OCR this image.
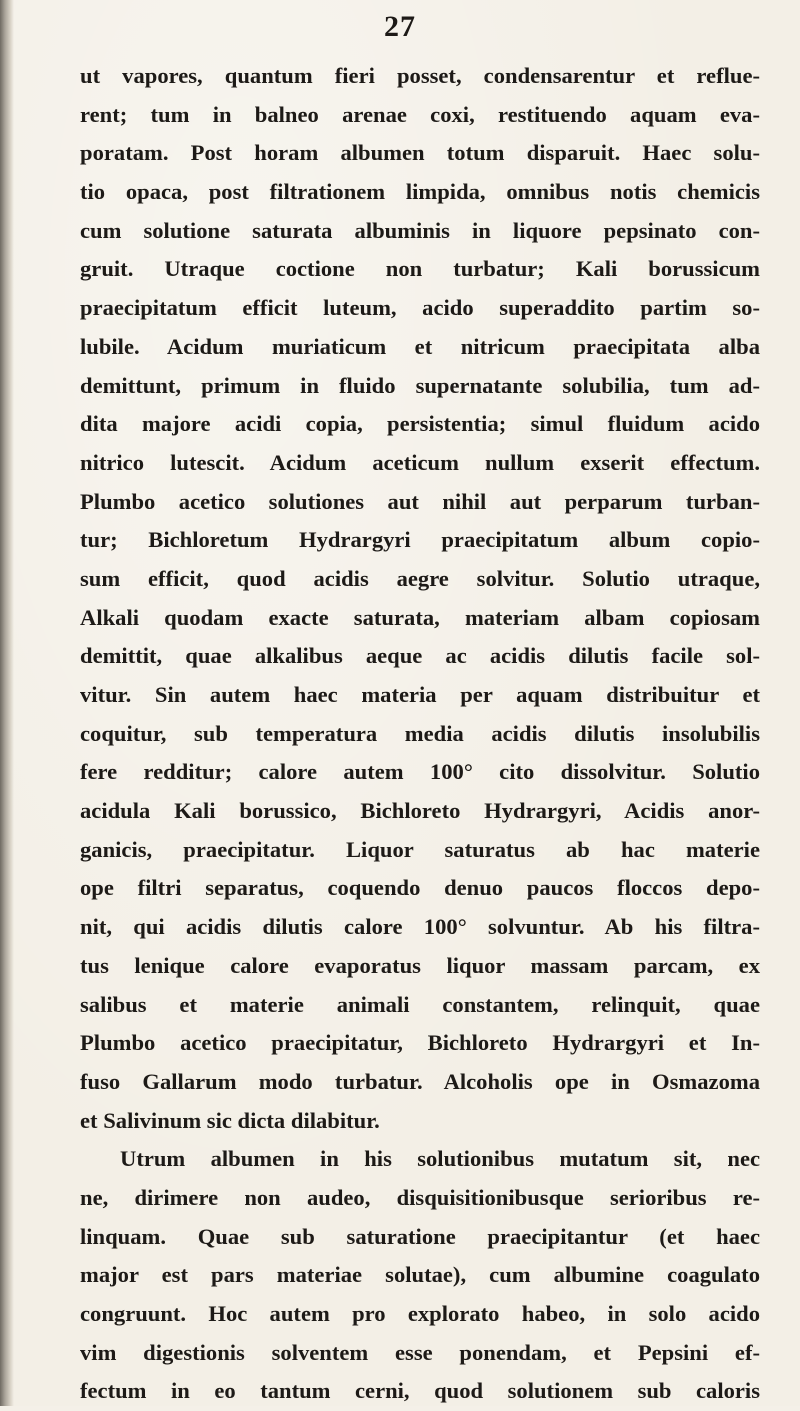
27
ut vapores, quantum fieri posset, condensarentur et reflue-
rent; tum in balneo arenae coxi, restituendo aquam eva-
poratam. Post horam albumen totum disparuit. Haec solu-
tio opaca, post filtrationem limpida, omnibus notis chemicis
cum solutione saturata albuminis in liquore pepsinato con-
gruit. Utraque coctione non turbatur; Kali borussicum
praecipitatum efficit luteum, acido superaddito partim so-
lubile. Acidum muriaticum et nitricum praecipitata alba
demittunt, primum in fluido supernatante solubilia, tum ad-
dita majore acidi copia, persistentia; simul fluidum acido
nitrico lutescit. Acidum aceticum nullum exserit effectum.
Plumbo acetico solutiones aut nihil aut perparum turban-
tur; Bichloretum Hydrargyri praecipitatum album copio-
sum efficit, quod acidis aegre solvitur. Solutio utraque,
Alkali quodam exacte saturata, materiam albam copiosam
demittit, quae alkalibus aeque ac acidis dilutis facile sol-
vitur. Sin autem haec materia per aquam distribuitur et
coquitur, sub temperatura media acidis dilutis insolubilis
fere redditur; calore autem 100° cito dissolvitur. Solutio
acidula Kali borussico, Bichloreto Hydrargyri, Acidis anor-
ganicis, praecipitatur. Liquor saturatus ab hac materie
ope filtri separatus, coquendo denuo paucos floccos depo-
nit, qui acidis dilutis calore 100° solvuntur. Ab his filtra-
tus lenique calore evaporatus liquor massam parcam, ex
salibus et materie animali constantem, relinquit, quae
Plumbo acetico praecipitatur, Bichloreto Hydrargyri et In-
fuso Gallarum modo turbatur. Alcoholis ope in Osmazoma
et Salivinum sic dicta dilabitur.
Utrum albumen in his solutionibus mutatum sit, nec
ne, dirimere non audeo, disquisitionibusque serioribus re-
linquam. Quae sub saturatione praecipitantur (et haec
major est pars materiae solutae), cum albumine coagulato
congruunt. Hoc autem pro explorato habeo, in solo acido
vim digestionis solventem esse ponendam, et Pepsini ef-
fectum in eo tantum cerni, quod solutionem sub caloris
